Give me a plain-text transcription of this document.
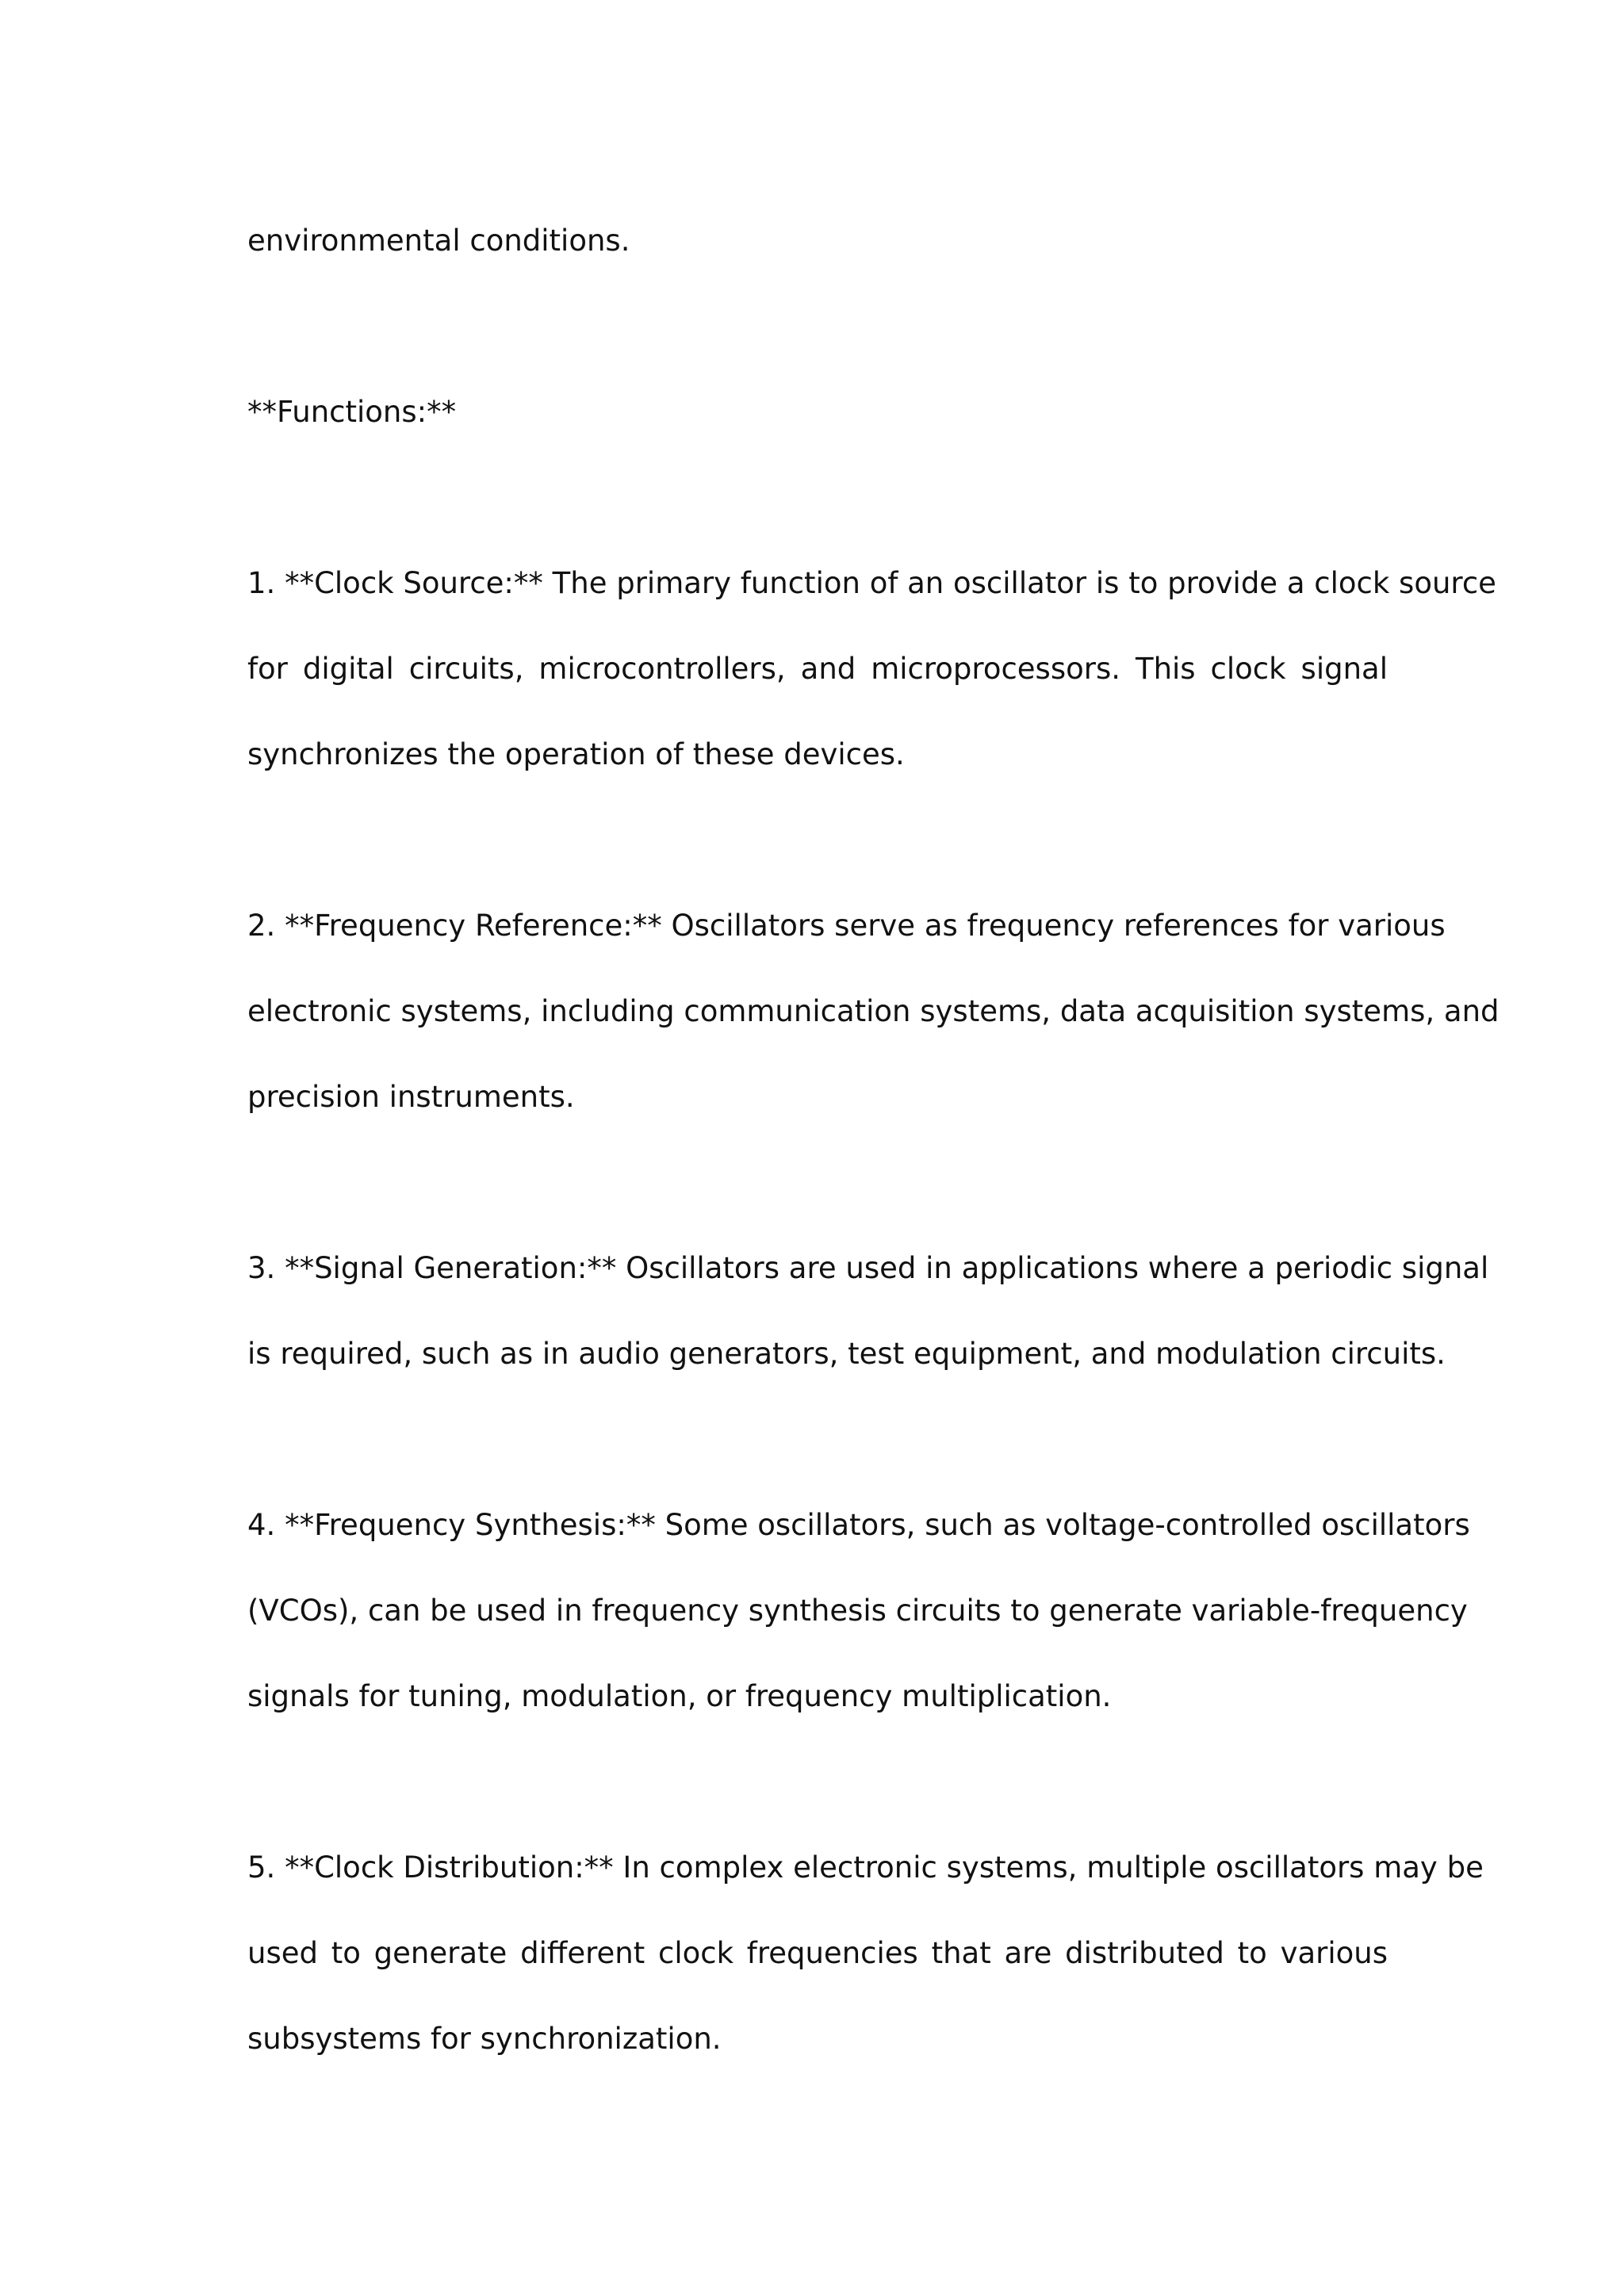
environmental conditions.

**Functions:**

1. **Clock Source:** The primary function of an oscillator is to provide a clock source
for digital circuits, microcontrollers, and microprocessors. This clock signal
synchronizes the operation of these devices.

2. **Frequency Reference:** Oscillators serve as frequency references for various
electronic systems, including communication systems, data acquisition systems, and
precision instruments.

3. **Signal Generation:** Oscillators are used in applications where a periodic signal
is required, such as in audio generators, test equipment, and modulation circuits.

4. **Frequency Synthesis:** Some oscillators, such as voltage-controlled oscillators
(VCOs), can be used in frequency synthesis circuits to generate variable-frequency
signals for tuning, modulation, or frequency multiplication.

5. **Clock Distribution:** In complex electronic systems, multiple oscillators may be
used to generate different clock frequencies that are distributed to various
subsystems for synchronization.
